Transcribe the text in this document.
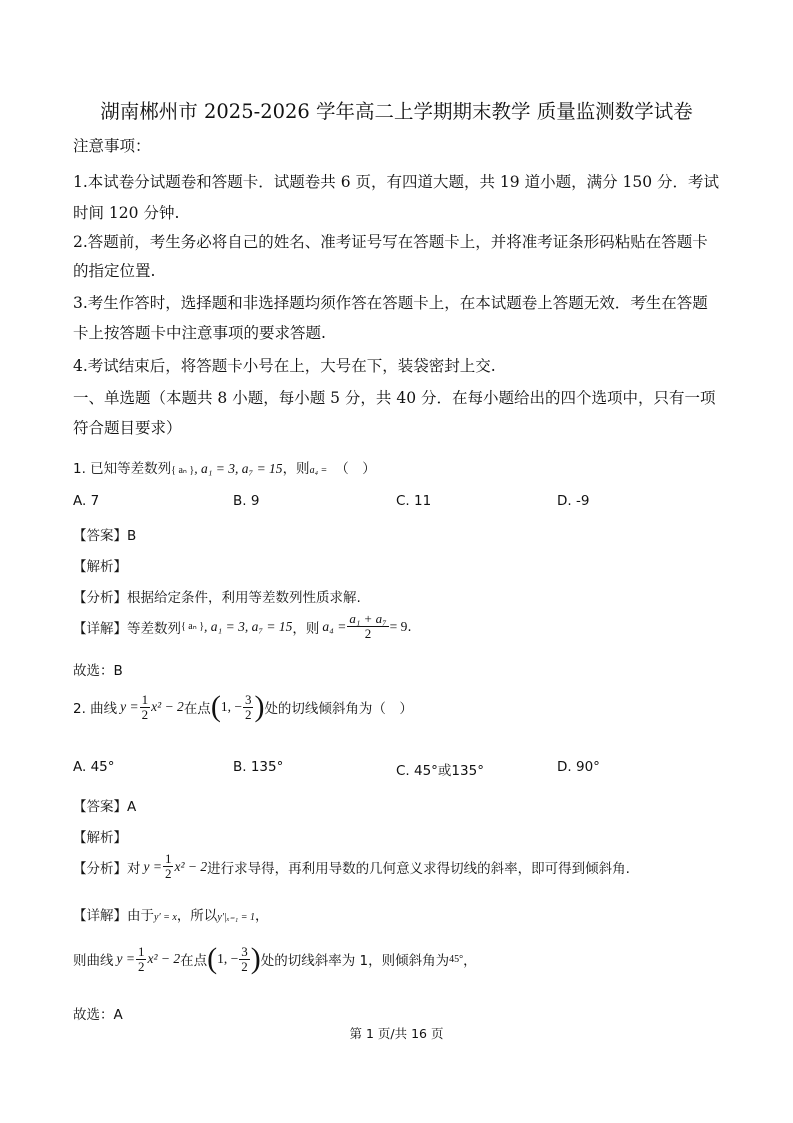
湖南郴州市 2025-2026 学年高二上学期期末教学 质量监测数学试卷
注意事项：
1.本试卷分试题卷和答题卡．试题卷共 6 页，有四道大题，共 19 道小题，满分 150 分．考试
时间 120 分钟.
2.答题前，考生务必将自己的姓名、准考证号写在答题卡上，并将准考证条形码粘贴在答题卡
的指定位置.
3.考生作答时，选择题和非选择题均须作答在答题卡上，在本试题卷上答题无效．考生在答题
卡上按答题卡中注意事项的要求答题.
4.考试结束后，将答题卡小号在上，大号在下，装袋密封上交.
一、单选题（本题共 8 小题，每小题 5 分，共 40 分．在每小题给出的四个选项中，只有一项
符合题目要求）
1. 已知等差数列{ aₙ }, a₁ = 3, a₇ = 15，则a₄ = （　）
A. 7	B. 9	C. 11	D. -9
【答案】B
【解析】
【分析】根据给定条件，利用等差数列性质求解.
【详解】等差数列 { aₙ } , a₁ = 3, a₇ = 15 ，则 $a_4 = \frac{\text{a₁ + a₇}}{2} = 9$ .
故选：B
2. 曲线 $y = \frac{1}{2} x^2 - 2$ 在点 ( 1, − $\frac{3}{2}$ ) 处的切线倾斜角为（　）
A. 45°	B. 135°	C. 45°或135°	D. 90°
【答案】A
【解析】
【分析】对 $y = \frac{1}{2} x^2 - 2$ 进行求导得，再利用导数的几何意义求得切线的斜率，即可得到倾斜角.
【详解】由于y′ = x，所以y′|ₓ₌₁ = 1，
则曲线 $y = \frac{1}{2} x^2 - 2$ 在点 ( 1, − $\frac{3}{2}$ ) 处的切线斜率为 1，则倾斜角为 45° ，
故选：A
第 1 页/共 16 页
